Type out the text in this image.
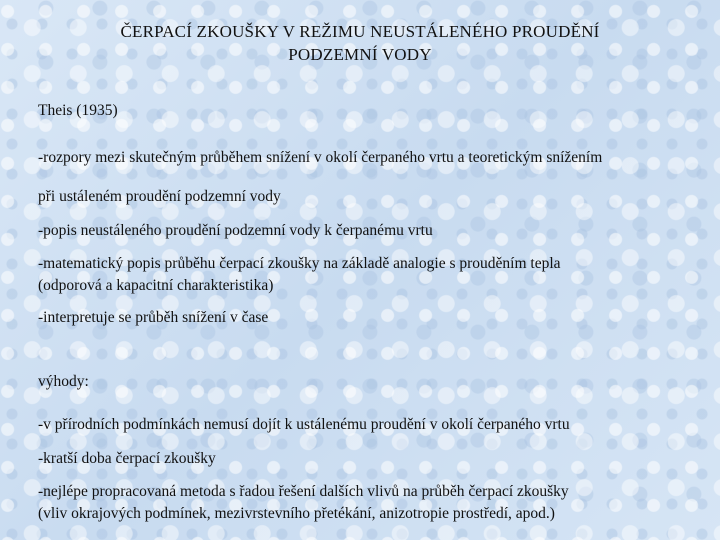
ČERPACÍ ZKOUŠKY V REŽIMU NEUSTÁLENÉHO PROUDĚNÍ
PODZEMNÍ VODY
Theis (1935)
-rozpory mezi skutečným průběhem snížení v okolí čerpaného vrtu a teoretickým snížením
při ustáleném proudění podzemní vody
-popis neustáleného proudění podzemní vody k čerpanému vrtu
-matematický popis průběhu čerpací zkoušky na základě analogie s prouděním tepla
(odporová a kapacitní charakteristika)
-interpretuje se průběh snížení v čase
výhody:
-v přírodních podmínkách nemusí dojít k ustálenému proudění v okolí čerpaného vrtu
-kratší doba čerpací zkoušky
-nejlépe propracovaná metoda s řadou řešení dalších vlivů na průběh čerpací zkoušky
(vliv okrajových podmínek, mezivrstevního přetékání, anizotropie prostředí, apod.)
